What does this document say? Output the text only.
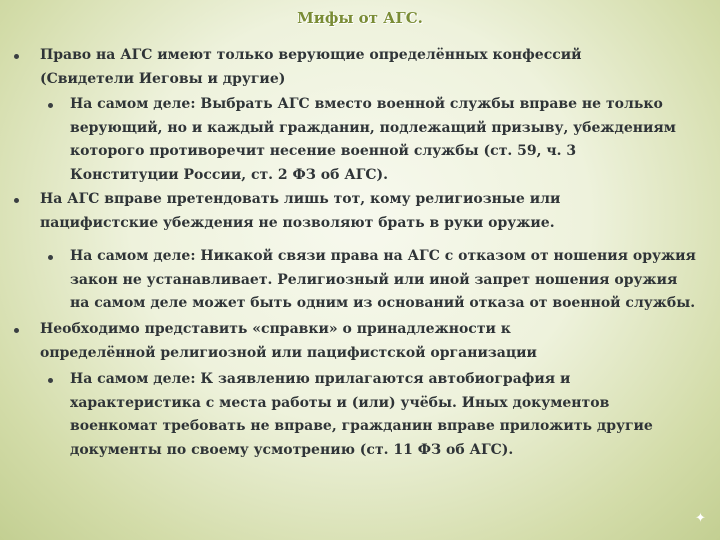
Мифы от АГС.
Право на АГС имеют только верующие определённых конфессий (Свидетели Иеговы и другие)
На самом деле: Выбрать АГС вместо военной службы вправе не только верующий, но и каждый гражданин, подлежащий призыву, убеждениям которого противоречит несение военной службы (ст. 59, ч. 3 Конституции России, ст. 2 ФЗ об АГС).
На АГС вправе претендовать лишь тот, кому религиозные или пацифистские убеждения не позволяют брать в руки оружие.
На самом деле: Никакой связи права на АГС с отказом от ношения оружия закон не устанавливает. Религиозный или иной запрет ношения оружия на самом деле может быть одним из оснований отказа от военной службы.
Необходимо представить «справки» о принадлежности к определённой религиозной или пацифистской организации
На самом деле: К заявлению прилагаются автобиография и характеристика с места работы и (или) учёбы. Иных документов военкомат требовать не вправе, гражданин вправе приложить другие документы по своему усмотрению (ст. 11 ФЗ об АГС).
✦
